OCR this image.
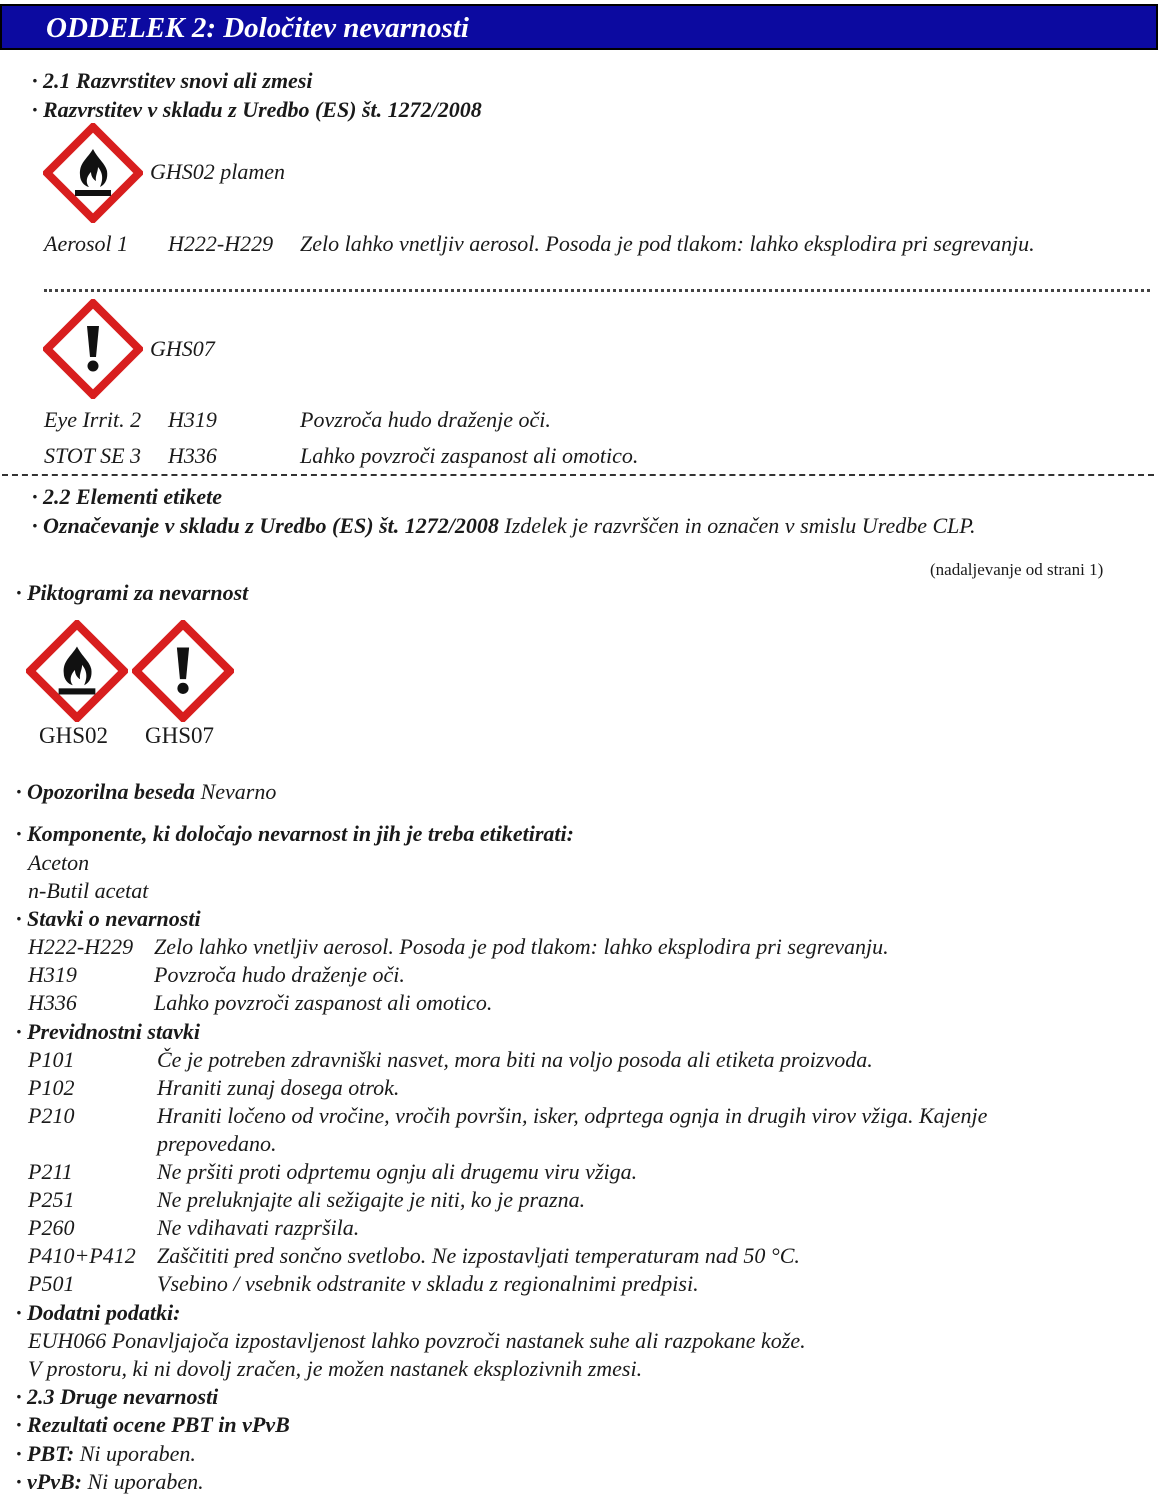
ODDELEK 2: Določitev nevarnosti
· 2.1 Razvrstitev snovi ali zmesi
· Razvrstitev v skladu z Uredbo (ES) št. 1272/2008
GHS02 plamen
Aerosol 1 H222-H229 Zelo lahko vnetljiv aerosol. Posoda je pod tlakom: lahko eksplodira pri segrevanju.
GHS07
Eye Irrit. 2 H319	Povzroča hudo draženje oči.
STOT SE 3 H336	Lahko povzroči zaspanost ali omotico.
· 2.2 Elementi etikete
· Označevanje v skladu z Uredbo (ES) št. 1272/2008 Izdelek je razvrščen in označen v smislu Uredbe CLP.
(nadaljevanje od strani 1)
· Piktogrami za nevarnost
GHS02 GHS07
· Opozorilna beseda Nevarno
· Komponente, ki določajo nevarnost in jih je treba etiketirati:
Aceton
n-Butil acetat
· Stavki o nevarnosti
H222-H229 Zelo lahko vnetljiv aerosol. Posoda je pod tlakom: lahko eksplodira pri segrevanju.
H319	Povzroča hudo draženje oči.
H336	Lahko povzroči zaspanost ali omotico.
· Previdnostni stavki
P101	Če je potreben zdravniški nasvet, mora biti na voljo posoda ali etiketa proizvoda.
P102	Hraniti zunaj dosega otrok.
P210	Hraniti ločeno od vročine, vročih površin, isker, odprtega ognja in drugih virov vžiga. Kajenje
prepovedano.
P211	Ne pršiti proti odprtemu ognju ali drugemu viru vžiga.
P251	Ne preluknjajte ali sežigajte je niti, ko je prazna.
P260	Ne vdihavati razpršila.
P410+P412 Zaščititi pred sončno svetlobo. Ne izpostavljati temperaturam nad 50 °C.
P501	Vsebino / vsebnik odstranite v skladu z regionalnimi predpisi.
· Dodatni podatki:
EUH066 Ponavljajoča izpostavljenost lahko povzroči nastanek suhe ali razpokane kože.
V prostoru, ki ni dovolj zračen, je možen nastanek eksplozivnih zmesi.
· 2.3 Druge nevarnosti
· Rezultati ocene PBT in vPvB
· PBT: Ni uporaben.
· vPvB: Ni uporaben.
